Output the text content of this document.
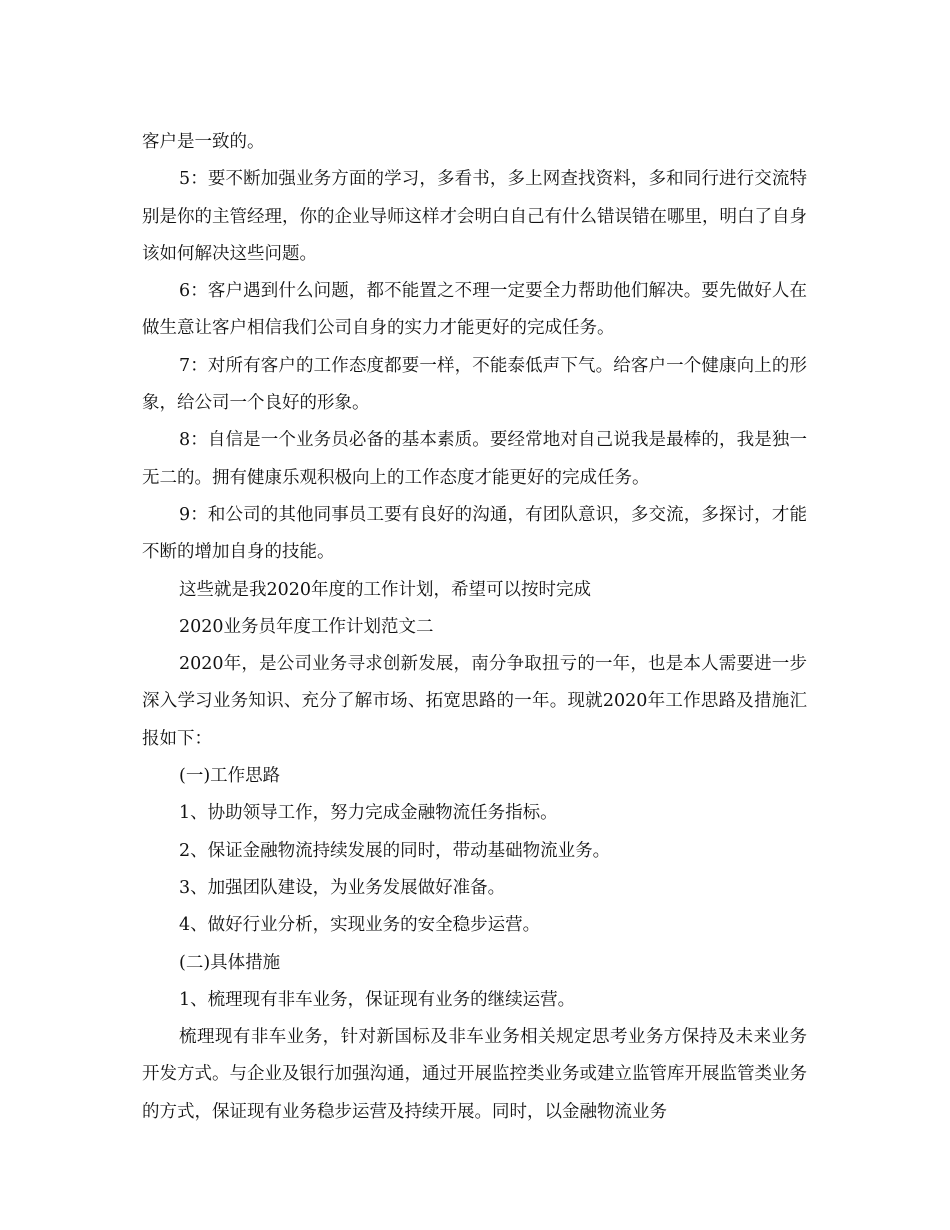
客户是一致的。

5：要不断加强业务方面的学习，多看书，多上网查找资料，多和同行进行交流特别是你的主管经理，你的企业导师这样才会明白自己有什么错误错在哪里，明白了自身该如何解决这些问题。

6：客户遇到什么问题，都不能置之不理一定要全力帮助他们解决。要先做好人在做生意让客户相信我们公司自身的实力才能更好的完成任务。

7：对所有客户的工作态度都要一样，不能泰低声下气。给客户一个健康向上的形象，给公司一个良好的形象。

8：自信是一个业务员必备的基本素质。要经常地对自己说我是最棒的，我是独一无二的。拥有健康乐观积极向上的工作态度才能更好的完成任务。

9：和公司的其他同事员工要有良好的沟通，有团队意识，多交流，多探讨，才能不断的增加自身的技能。

这些就是我2020年度的工作计划，希望可以按时完成

2020业务员年度工作计划范文二

2020年，是公司业务寻求创新发展，南分争取扭亏的一年，也是本人需要进一步深入学习业务知识、充分了解市场、拓宽思路的一年。现就2020年工作思路及措施汇报如下：

(一)工作思路

1、协助领导工作，努力完成金融物流任务指标。

2、保证金融物流持续发展的同时，带动基础物流业务。

3、加强团队建设，为业务发展做好准备。

4、做好行业分析，实现业务的安全稳步运营。

(二)具体措施

1、梳理现有非车业务，保证现有业务的继续运营。

梳理现有非车业务，针对新国标及非车业务相关规定思考业务方保持及未来业务开发方式。与企业及银行加强沟通，通过开展监控类业务或建立监管库开展监管类业务的方式，保证现有业务稳步运营及持续开展。同时，以金融物流业务
